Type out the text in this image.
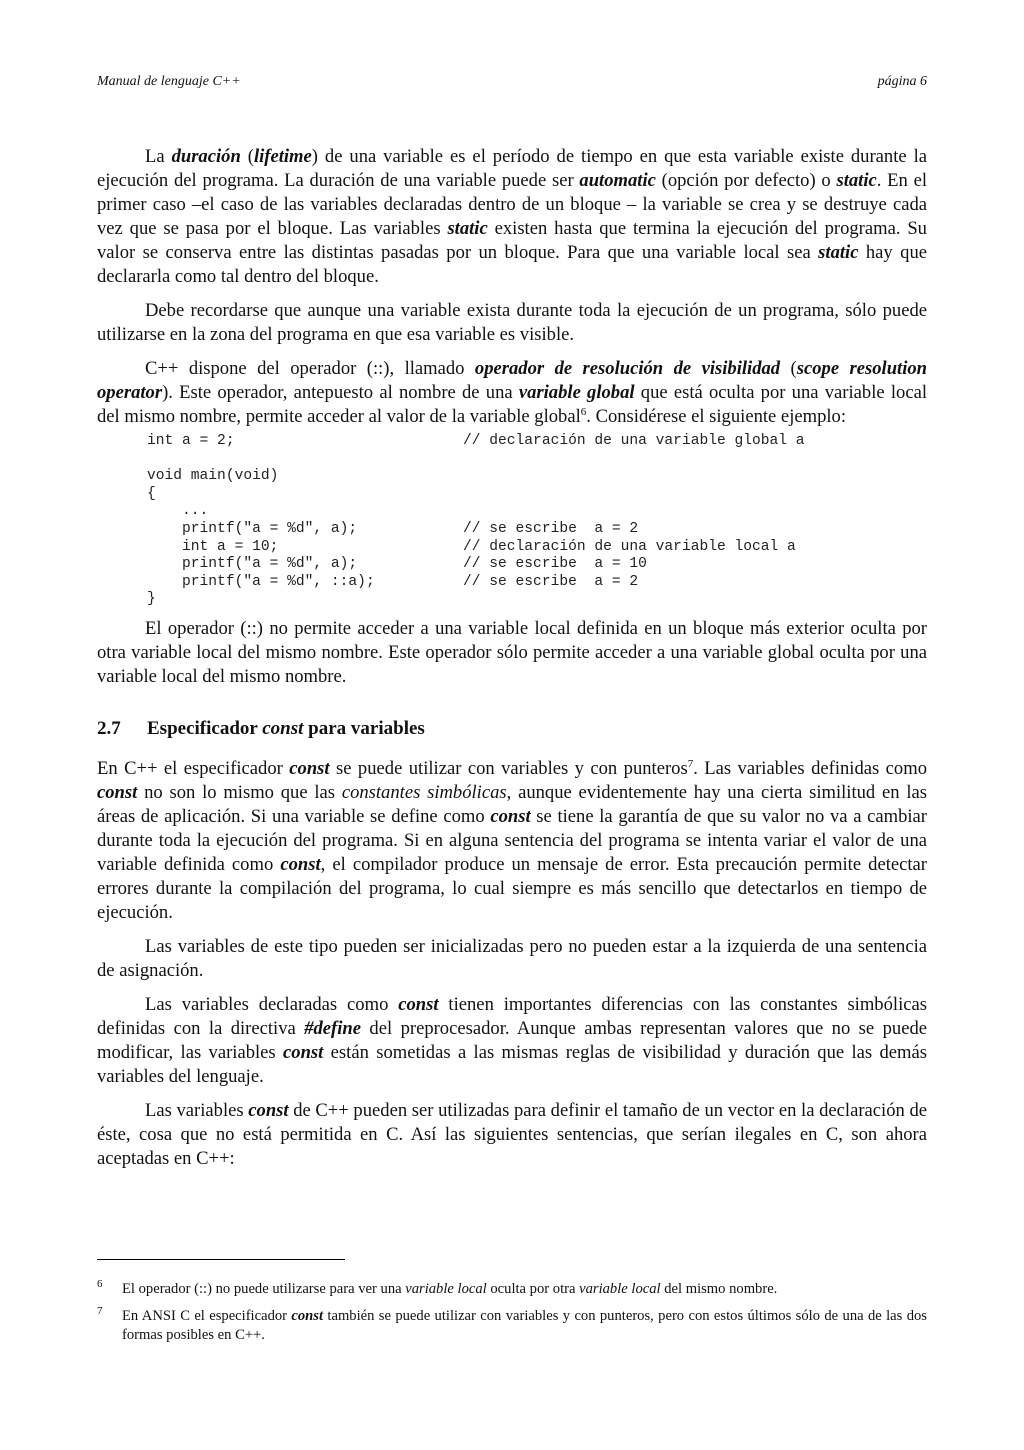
Manual de lenguaje C++	página 6

La duración (lifetime) de una variable es el período de tiempo en que esta variable existe durante la ejecución del programa. La duración de una variable puede ser automatic (opción por defecto) o static. En el primer caso –el caso de las variables declaradas dentro de un bloque – la variable se crea y se destruye cada vez que se pasa por el bloque. Las variables static existen hasta que termina la ejecución del programa. Su valor se conserva entre las distintas pasadas por un bloque. Para que una variable local sea static hay que declararla como tal dentro del bloque.

Debe recordarse que aunque una variable exista durante toda la ejecución de un programa, sólo puede utilizarse en la zona del programa en que esa variable es visible.

C++ dispone del operador (::), llamado operador de resolución de visibilidad (scope resolution operator). Este operador, antepuesto al nombre de una variable global que está oculta por una variable local del mismo nombre, permite acceder al valor de la variable global$^6$. Considérese el siguiente ejemplo:

int a = 2;	// declaración de una variable global a
void main(void)
{
...
printf("a = %d", a);	// se escribe  a = 2
int a = 10;	// declaración de una variable local a
printf("a = %d", a);	// se escribe  a = 10
printf("a = %d", ::a);	// se escribe  a = 2
}

El operador (::) no permite acceder a una variable local definida en un bloque más exterior oculta por otra variable local del mismo nombre. Este operador sólo permite acceder a una variable global oculta por una variable local del mismo nombre.

2.7 Especificador const para variables

En C++ el especificador const se puede utilizar con variables y con punteros$^7$. Las variables definidas como const no son lo mismo que las constantes simbólicas, aunque evidentemente hay una cierta similitud en las áreas de aplicación. Si una variable se define como const se tiene la garantía de que su valor no va a cambiar durante toda la ejecución del programa. Si en alguna sentencia del programa se intenta variar el valor de una variable definida como const, el compilador produce un mensaje de error. Esta precaución permite detectar errores durante la compilación del programa, lo cual siempre es más sencillo que detectarlos en tiempo de ejecución.

Las variables de este tipo pueden ser inicializadas pero no pueden estar a la izquierda de una sentencia de asignación.

Las variables declaradas como const tienen importantes diferencias con las constantes simbólicas definidas con la directiva #define del preprocesador. Aunque ambas representan valores que no se puede modificar, las variables const están sometidas a las mismas reglas de visibilidad y duración que las demás variables del lenguaje.

Las variables const de C++ pueden ser utilizadas para definir el tamaño de un vector en la declaración de éste, cosa que no está permitida en C. Así las siguientes sentencias, que serían ilegales en C, son ahora aceptadas en C++:

6 El operador (::) no puede utilizarse para ver una variable local oculta por otra variable local del mismo nombre.
7 En ANSI C el especificador const también se puede utilizar con variables y con punteros, pero con estos últimos sólo de una de las dos formas posibles en C++.
